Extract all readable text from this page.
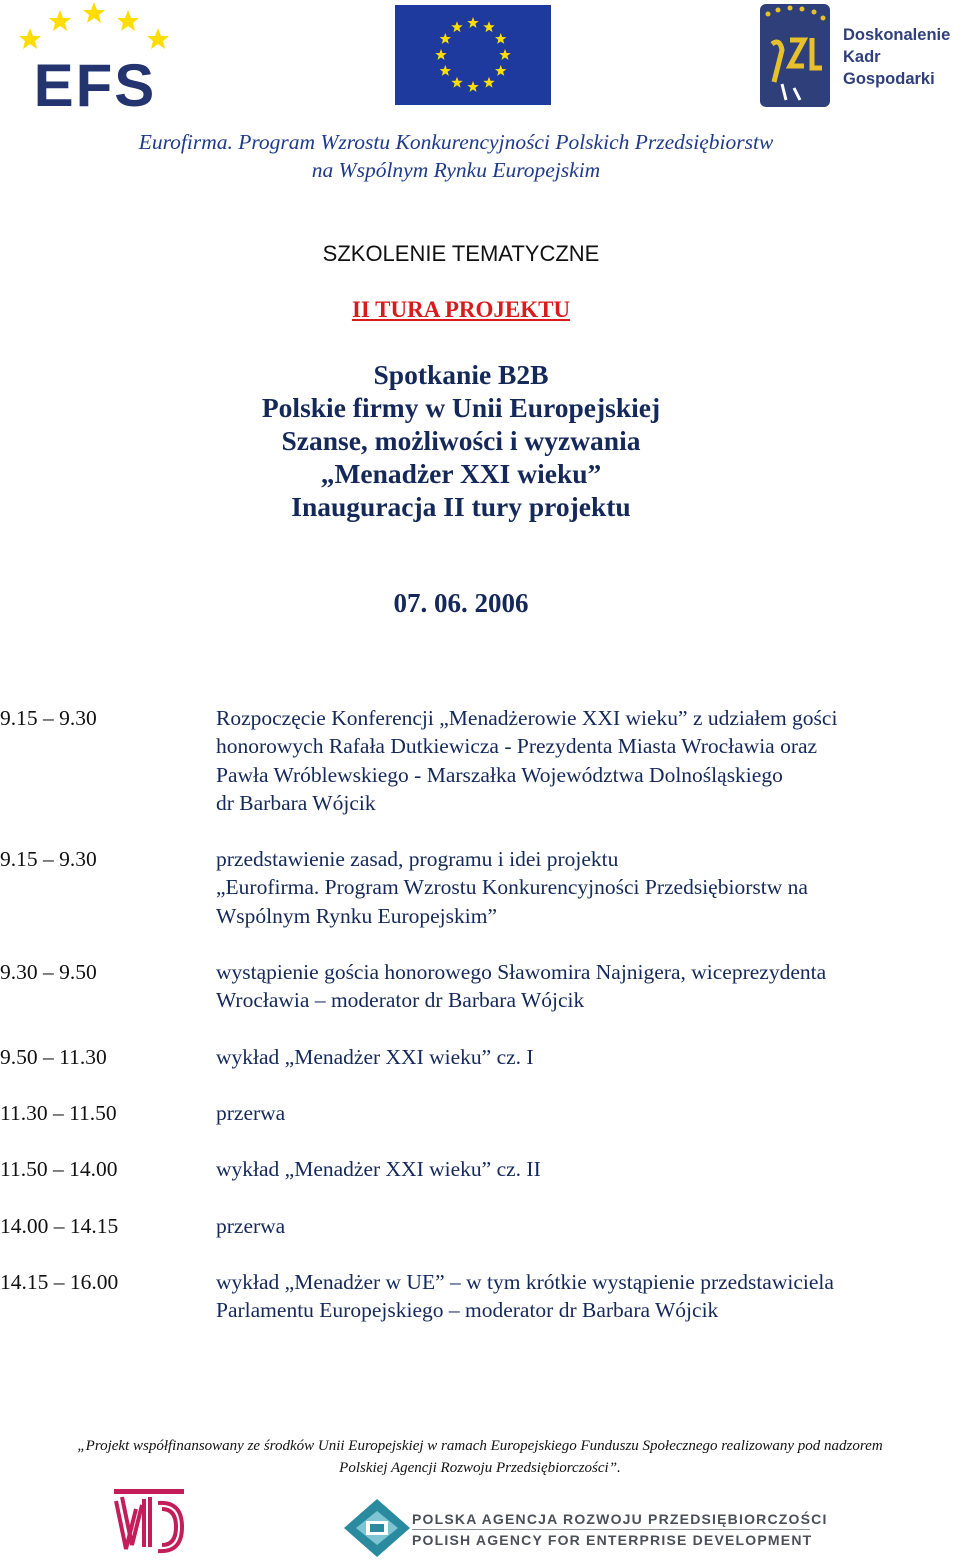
EFS
Doskonalenie
Kadr
Gospodarki
Eurofirma. Program Wzrostu Konkurencyjności Polskich Przedsiębiorstw
na Wspólnym Rynku Europejskim
SZKOLENIE TEMATYCZNE
II TURA PROJEKTU
Spotkanie B2B
Polskie firmy w Unii Europejskiej
Szanse, możliwości i wyzwania
„Menadżer XXI wieku”
Inauguracja II tury projektu
07. 06. 2006
9.15 – 9.30	Rozpoczęcie Konferencji „Menadżerowie XXI wieku” z udziałem gości
honorowych Rafała Dutkiewicza - Prezydenta Miasta Wrocławia oraz
Pawła Wróblewskiego - Marszałka Województwa Dolnośląskiego
dr Barbara Wójcik
9.15 – 9.30	przedstawienie zasad, programu i idei projektu
„Eurofirma. Program Wzrostu Konkurencyjności Przedsiębiorstw na
Wspólnym Rynku Europejskim”
9.30 – 9.50	wystąpienie gościa honorowego Sławomira Najnigera, wiceprezydenta
Wrocławia – moderator dr Barbara Wójcik
9.50 – 11.30	wykład „Menadżer XXI wieku” cz. I
11.30 – 11.50	przerwa
11.50 – 14.00	wykład „Menadżer XXI wieku” cz. II
14.00 – 14.15	przerwa
14.15 – 16.00	wykład „Menadżer w UE” – w tym krótkie wystąpienie przedstawiciela
Parlamentu Europejskiego – moderator dr Barbara Wójcik
„Projekt współfinansowany ze środków Unii Europejskiej w ramach Europejskiego Funduszu Społecznego realizowany pod nadzorem
Polskiej Agencji Rozwoju Przedsiębiorczości”.
POLSKA AGENCJA ROZWOJU PRZEDSIĘBIORCZOŚCI
POLISH AGENCY FOR ENTERPRISE DEVELOPMENT
